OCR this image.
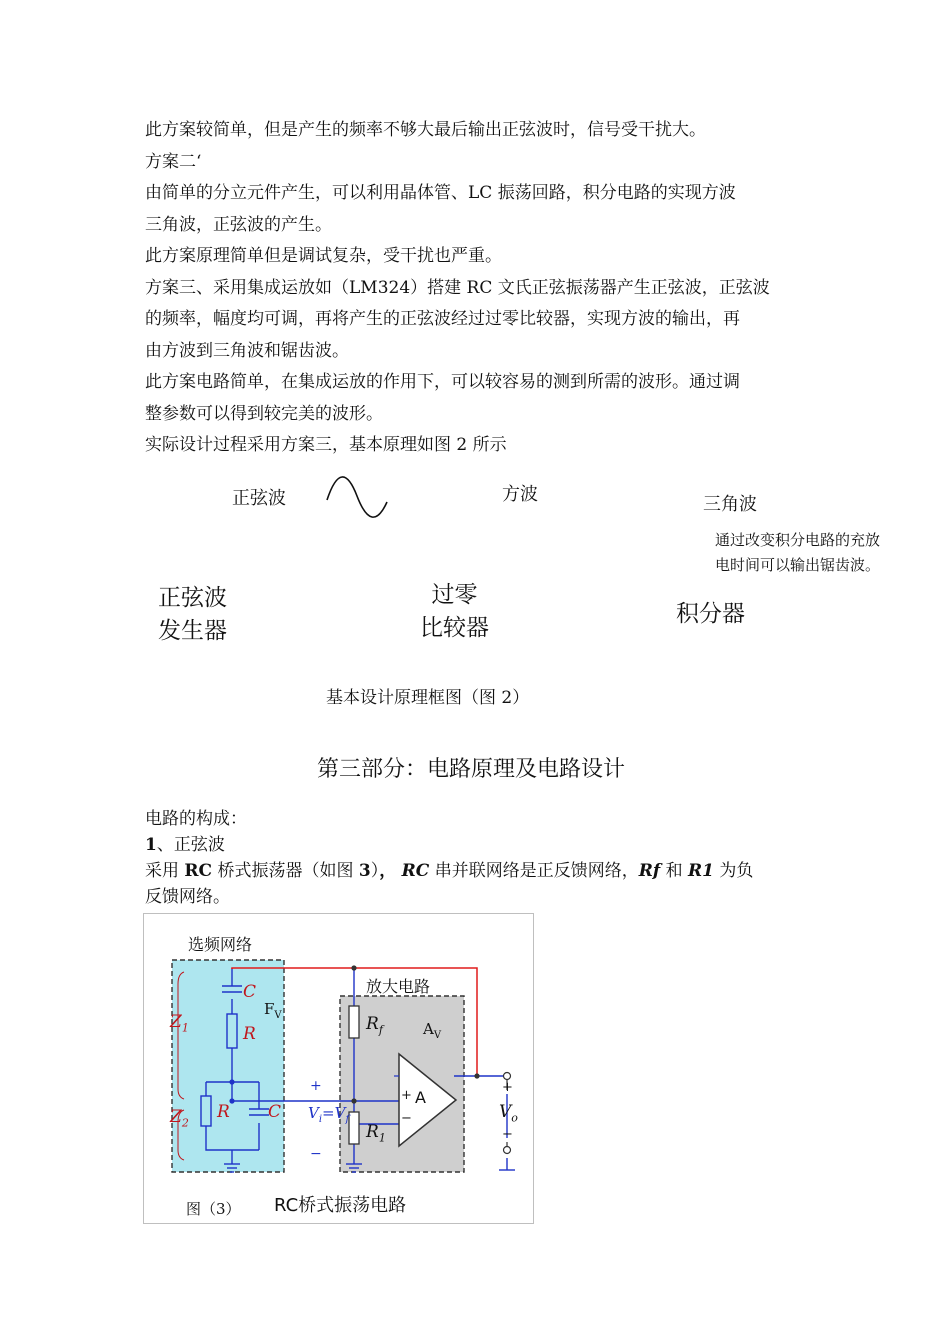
此方案较简单，但是产生的频率不够大最后输出正弦波时，信号受干扰大。

方案二‘

由简单的分立元件产生，可以利用晶体管、LC 振荡回路，积分电路的实现方波

三角波，正弦波的产生。

此方案原理简单但是调试复杂，受干扰也严重。

方案三、采用集成运放如（LM324）搭建 RC 文氏正弦振荡器产生正弦波，正弦波

的频率，幅度均可调，再将产生的正弦波经过过零比较器，实现方波的输出，再

由方波到三角波和锯齿波。

此方案电路简单，在集成运放的作用下，可以较容易的测到所需的波形。通过调

整参数可以得到较完美的波形。

实际设计过程采用方案三，基本原理如图 2 所示

正弦波	方波	三角波
通过改变积分电路的充放
电时间可以输出锯齿波。
正弦波
发生器
过零
比较器
积分器
基本设计原理框图（图 2）
第三部分：电路原理及电路设计

电路的构成：

1、正弦波

采用 RC 桥式振荡器（如图 3）， RC 串并联网络是正反馈网络，Rf 和 R1 为负

反馈网络。

选频网络
放大电路
$Z_1$
$Z_2$
C
$F_V$
R
R C
$R_f$	$A_V$
$R_1$
A
+
−
$V_i=V_f$
+
−
+
$V_o$
−
图（3） RC桥式振荡电路
